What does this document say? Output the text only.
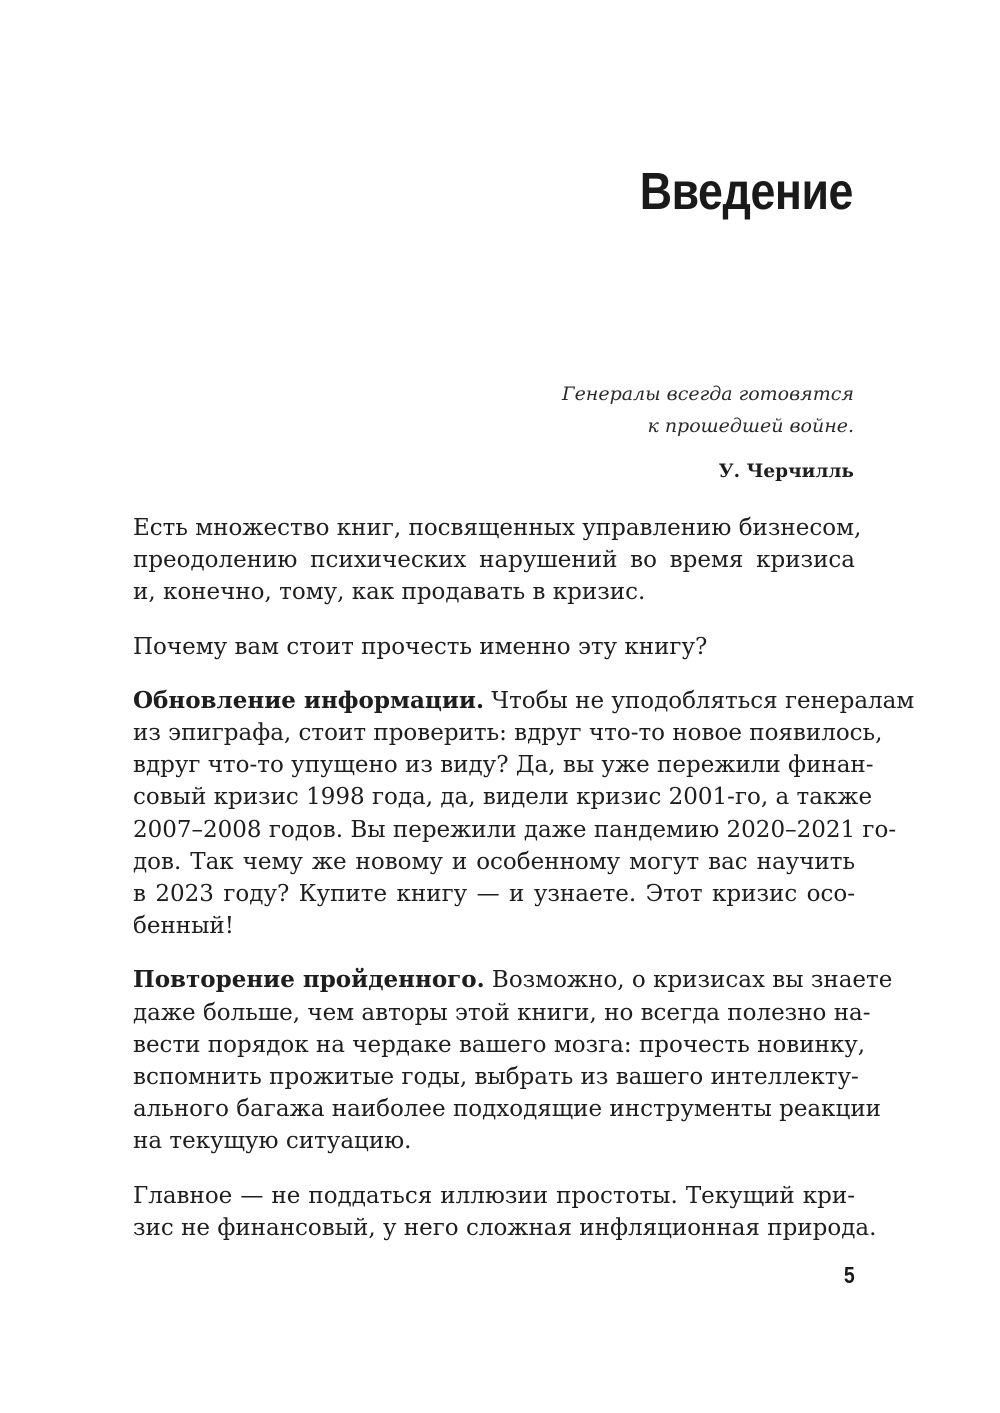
Введение
Генералы всегда готовятся
к прошедшей войне.
У. Черчилль
Есть множество книг, посвященных управлению бизнесом,
преодолению психических нарушений во время кризиса
и, конечно, тому, как продавать в кризис.
Почему вам стоит прочесть именно эту книгу?
Обновление информации. Чтобы не уподобляться генералам
из эпиграфа, стоит проверить: вдруг что-то новое появилось,
вдруг что-то упущено из виду? Да, вы уже пережили финан-
совый кризис 1998 года, да, видели кризис 2001-го, а также
2007–2008 годов. Вы пережили даже пандемию 2020–2021 го-
дов. Так чему же новому и особенному могут вас научить
в 2023 году? Купите книгу — и узнаете. Этот кризис осо-
бенный!
Повторение пройденного. Возможно, о кризисах вы знаете
даже больше, чем авторы этой книги, но всегда полезно на-
вести порядок на чердаке вашего мозга: прочесть новинку,
вспомнить прожитые годы, выбрать из вашего интеллекту-
ального багажа наиболее подходящие инструменты реакции
на текущую ситуацию.
Главное — не поддаться иллюзии простоты. Текущий кри-
зис не финансовый, у него сложная инфляционная природа.
5
